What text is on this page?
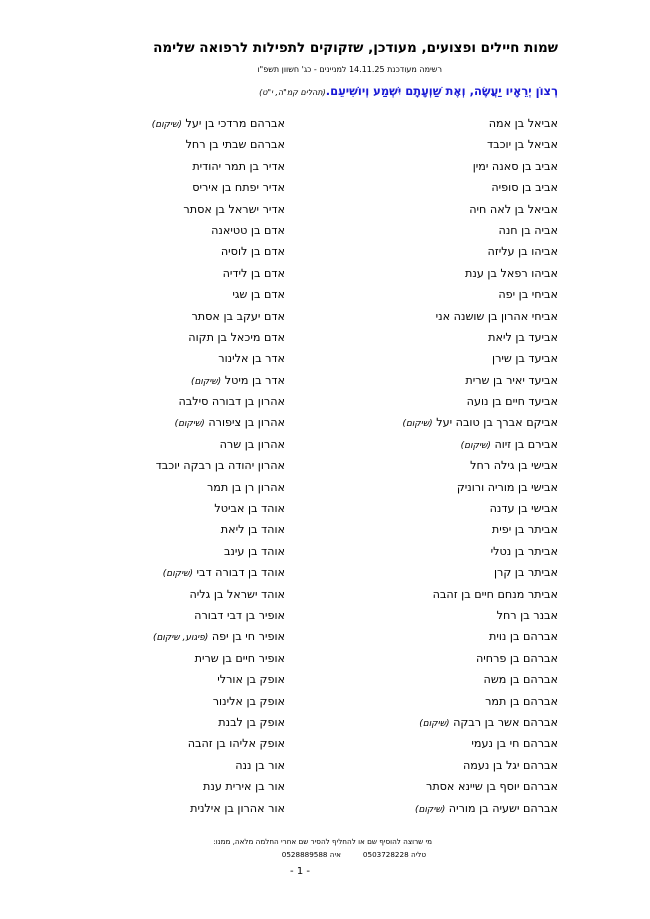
שמות חיילים ופצועים, מעודכן, שזקוקים לתפילות לרפואה שלימה
רשימה מעודכנת 14.11.25 למניינים - כג' חשוון תשפ"ו
רְצוֹן יְרֵאָיו יַעֲשֶׂה, וְאֶת שַׁוְעָתָם יִשְׁמַע וְיוֹשִׁיעֵם.(תהלים קמ"ה, י"ט)
אביאל בן אמה
אביאל בן יוכבד
אביב בן סאנה ימין
אביב בן סופיה
אביאל בן לאה חיה
אביה בן חנה
אביהו בן עליזה
אביהו רפאל בן ענת
אביחי בן יפה
אביחי אהרון בן שושנה אני
אביעד בן ליאת
אביעד בן שירן
אביעד יאיר בן שרית
אביעד חיים בן נועה
אביקם אברך בן טובה יעל (שיקום)
אבירם בן זיוה (שיקום)
אבישי בן גילה רחל
אבישי בן מוריה ורוניק
אבישי בן עדנה
אביתר בן יפית
אביתר בן נטלי
אביתר בן קרן
אביתר מנחם חיים בן זהבה
אבנר בן רחל
אברהם בן נוית
אברהם בן פרחיה
אברהם בן משה
אברהם בן תמר
אברהם אשר בן רבקה (שיקום)
אברהם חי בן נעמי
אברהם יגל בן נעמה
אברהם יוסף בן שיינא אסתר
אברהם ישעיה בן מוריה (שיקום)
אברהם מרדכי בן יעל (שיקום)
אברהם שבתי בן רחל
אדיר בן תמר יהודית
אדיר יפתח בן איריס
אדיר ישראל בן אסתר
אדם בן טטיאנה
אדם בן לוסיה
אדם בן לידיה
אדם בן שגי
אדם יעקב בן אסתר
אדם מיכאל בן תקוה
אדר בן אלינור
אדר בן מיטל (שיקום)
אהרון בן דבורה סילבה
אהרון בן ציפורה (שיקום)
אהרון בן שרה
אהרון יהודה בן רבקה יוכבד
אהרון רן בן תמר
אוהד בן אביטל
אוהד בן ליאת
אוהד בן עינב
אוהד בן דבורה דבי (שיקום)
אוהד ישראל בן גליה
אופיר בן דבי דבורה
אופיר חי בן יפה (פיגוע, שיקום)
אופיר חיים בן שרית
אופק בן אורלי
אופק בן אלינור
אופק בן לבנת
אופק אליהו בן זהבה
אור בן ננה
אור בן אירית ענת
אור אהרון בן אילנית
מי שרוצה להוסיף שם או להחליף להסיר שם אחרי החלמה מלאה, ממנו:
טליה 0503728228איה 0528889588
- 1 -
